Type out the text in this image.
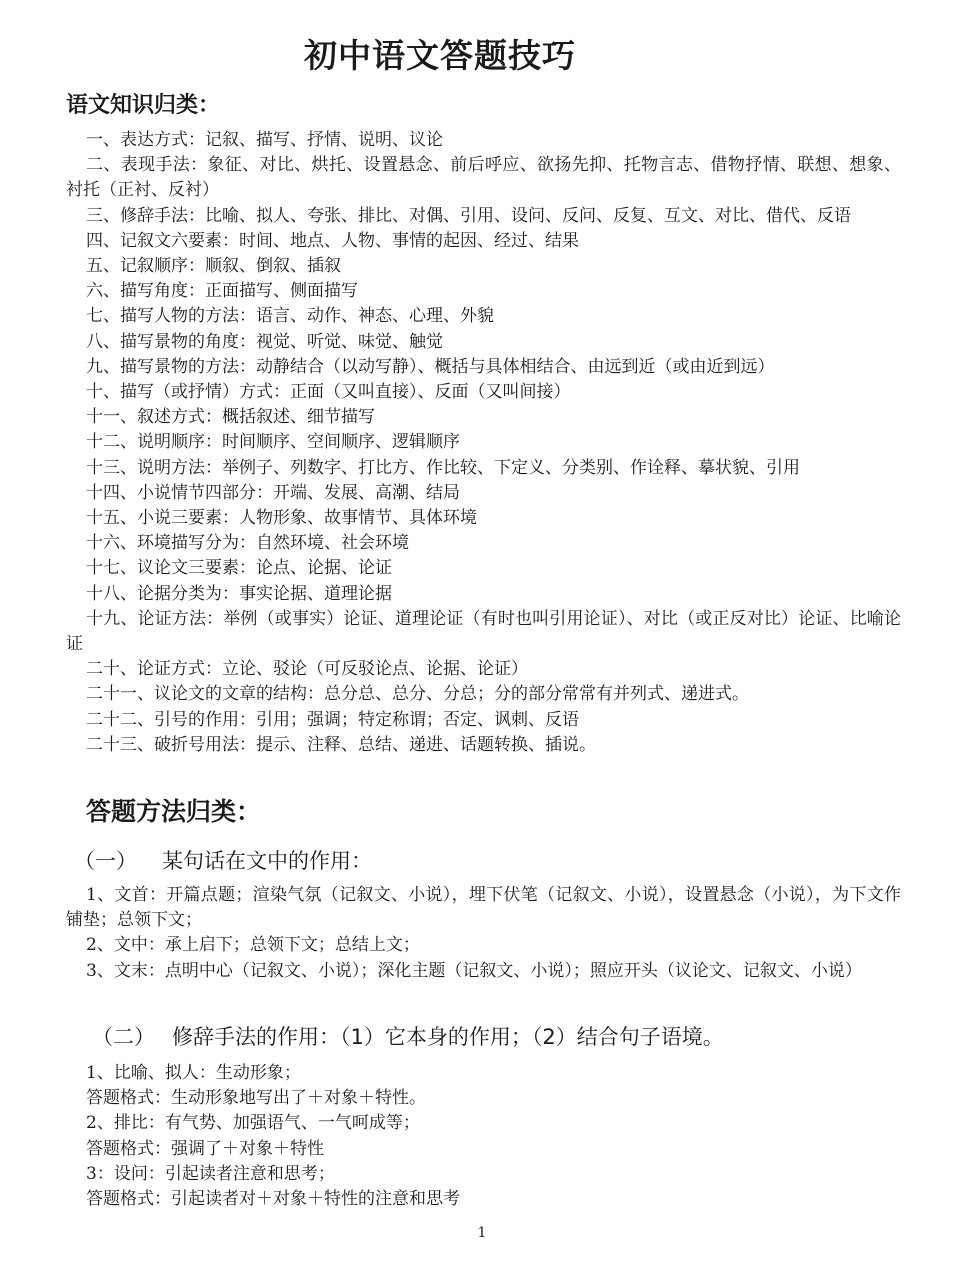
初中语文答题技巧
语文知识归类：
一、表达方式：记叙、描写、抒情、说明、议论
二、表现手法：象征、对比、烘托、设置悬念、前后呼应、欲扬先抑、托物言志、借物抒情、联想、想象、衬托（正衬、反衬）
三、修辞手法：比喻、拟人、夸张、排比、对偶、引用、设问、反问、反复、互文、对比、借代、反语
四、记叙文六要素：时间、地点、人物、事情的起因、经过、结果
五、记叙顺序：顺叙、倒叙、插叙
六、描写角度：正面描写、侧面描写
七、描写人物的方法：语言、动作、神态、心理、外貌
八、描写景物的角度：视觉、听觉、味觉、触觉
九、描写景物的方法：动静结合（以动写静）、概括与具体相结合、由远到近（或由近到远）
十、描写（或抒情）方式：正面（又叫直接）、反面（又叫间接）
十一、叙述方式：概括叙述、细节描写
十二、说明顺序：时间顺序、空间顺序、逻辑顺序
十三、说明方法：举例子、列数字、打比方、作比较、下定义、分类别、作诠释、摹状貌、引用
十四、小说情节四部分：开端、发展、高潮、结局
十五、小说三要素：人物形象、故事情节、具体环境
十六、环境描写分为：自然环境、社会环境
十七、议论文三要素：论点、论据、论证
十八、论据分类为：事实论据、道理论据
十九、论证方法：举例（或事实）论证、道理论证（有时也叫引用论证）、对比（或正反对比）论证、比喻论证
二十、论证方式：立论、驳论（可反驳论点、论据、论证）
二十一、议论文的文章的结构：总分总、总分、分总；分的部分常常有并列式、递进式。
二十二、引号的作用：引用；强调；特定称谓；否定、讽刺、反语
二十三、破折号用法：提示、注释、总结、递进、话题转换、插说。
答题方法归类：
（一） 某句话在文中的作用：
1、文首：开篇点题；渲染气氛（记叙文、小说），埋下伏笔（记叙文、小说），设置悬念（小说），为下文作铺垫；总领下文；
2、文中：承上启下；总领下文；总结上文；
3、文末：点明中心（记叙文、小说）；深化主题（记叙文、小说）；照应开头（议论文、记叙文、小说）
（二） 修辞手法的作用：（1）它本身的作用；（2）结合句子语境。
1、比喻、拟人：生动形象；
答题格式：生动形象地写出了＋对象＋特性。
2、排比：有气势、加强语气、一气呵成等；
答题格式：强调了＋对象＋特性
3：设问：引起读者注意和思考；
答题格式：引起读者对＋对象＋特性的注意和思考
1
